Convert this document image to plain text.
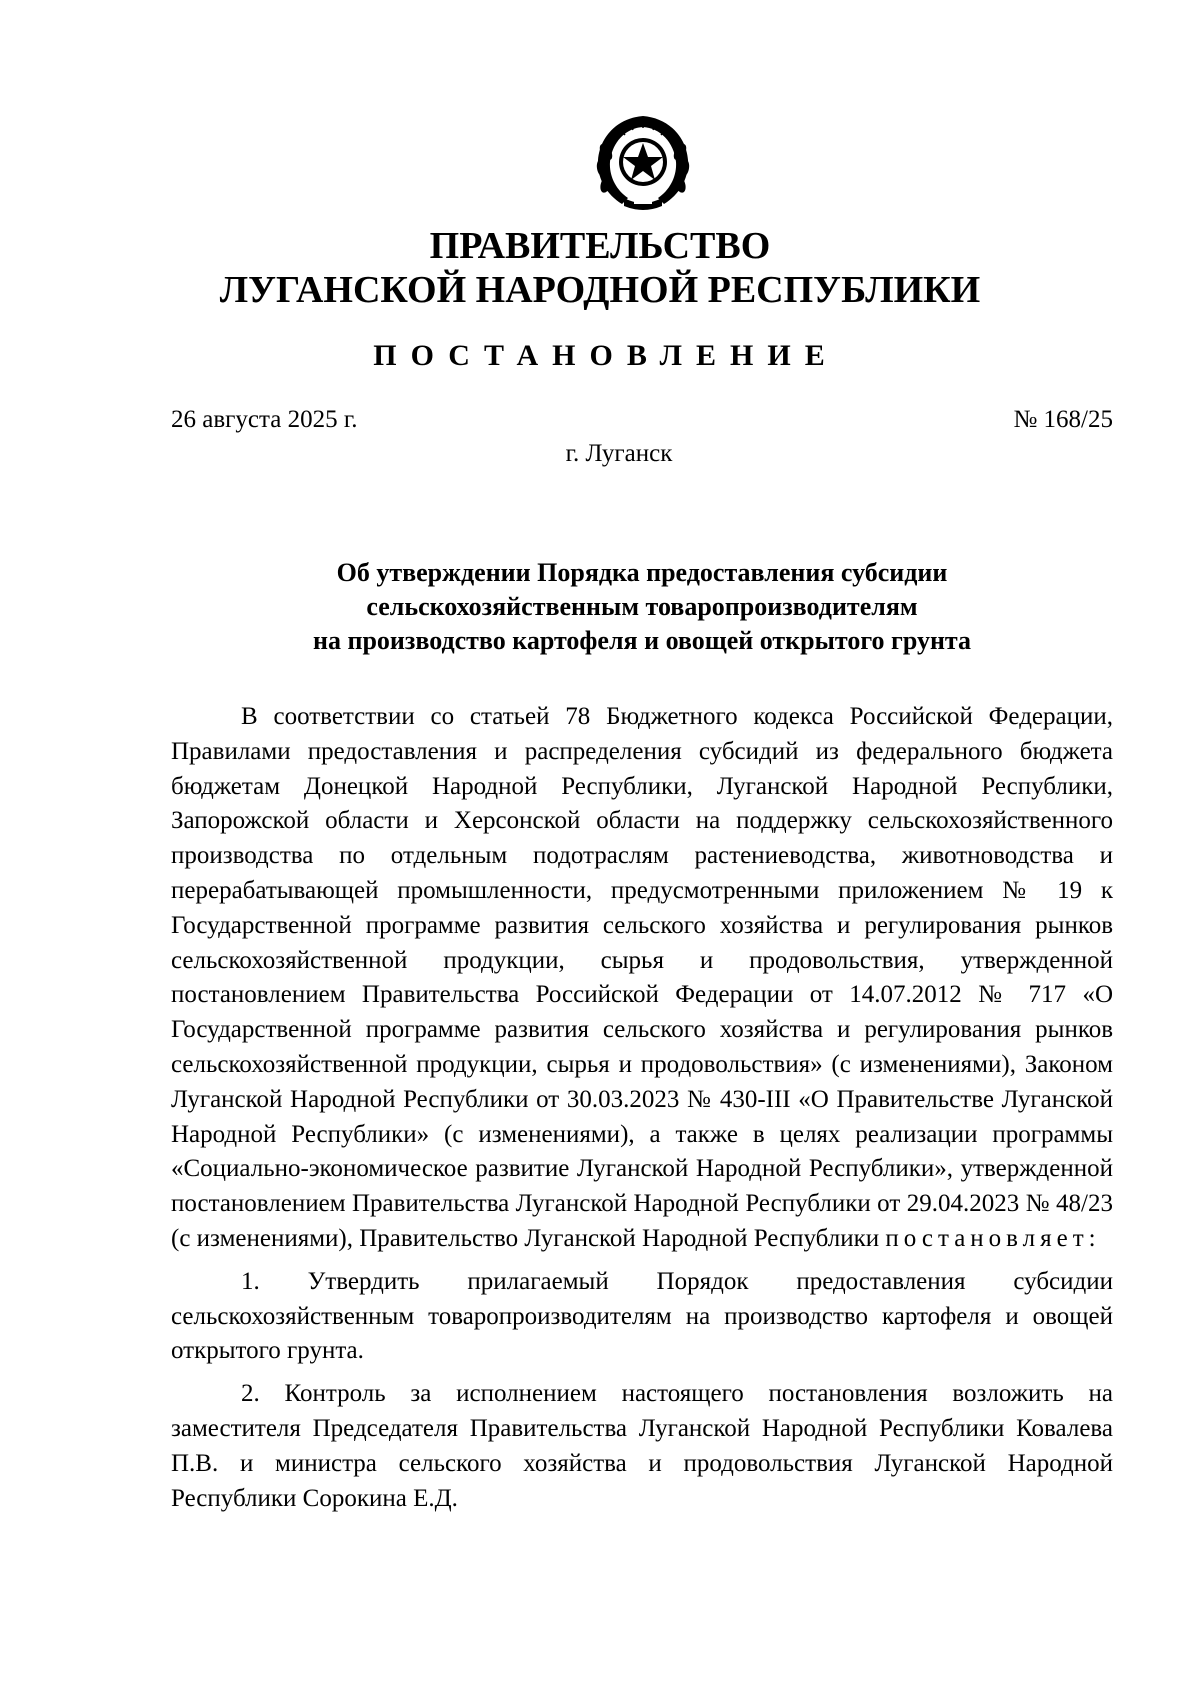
ПРАВИТЕЛЬСТВО
ЛУГАНСКОЙ НАРОДНОЙ РЕСПУБЛИКИ
ПОСТАНОВЛЕНИЕ
26 августа 2025 г.	№ 168/25
г. Луганск
Об утверждении Порядка предоставления субсидии
сельскохозяйственным товаропроизводителям
на производство картофеля и овощей открытого грунта

В соответствии со статьей 78 Бюджетного кодекса Российской Федерации, Правилами предоставления и распределения субсидий из федерального бюджета бюджетам Донецкой Народной Республики, Луганской Народной Республики, Запорожской области и Херсонской области на поддержку сельскохозяйственного производства по отдельным подотраслям растениеводства, животноводства и перерабатывающей промышленности, предусмотренными приложением № 19 к Государственной программе развития сельского хозяйства и регулирования рынков сельскохозяйственной продукции, сырья и продовольствия, утвержденной постановлением Правительства Российской Федерации от 14.07.2012 № 717 «О Государственной программе развития сельского хозяйства и регулирования рынков сельскохозяйственной продукции, сырья и продовольствия» (с изменениями), Законом Луганской Народной Республики от 30.03.2023 № 430-III «О Правительстве Луганской Народной Республики» (с изменениями), а также в целях реализации программы «Социально-экономическое развитие Луганской Народной Республики», утвержденной постановлением Правительства Луганской Народной Республики от 29.04.2023 № 48/23 (с изменениями), Правительство Луганской Народной Республики постановляет:

1. Утвердить прилагаемый Порядок предоставления субсидии сельскохозяйственным товаропроизводителям на производство картофеля и овощей открытого грунта.

2. Контроль за исполнением настоящего постановления возложить на заместителя Председателя Правительства Луганской Народной Республики Ковалева П.В. и министра сельского хозяйства и продовольствия Луганской Народной Республики Сорокина Е.Д.
